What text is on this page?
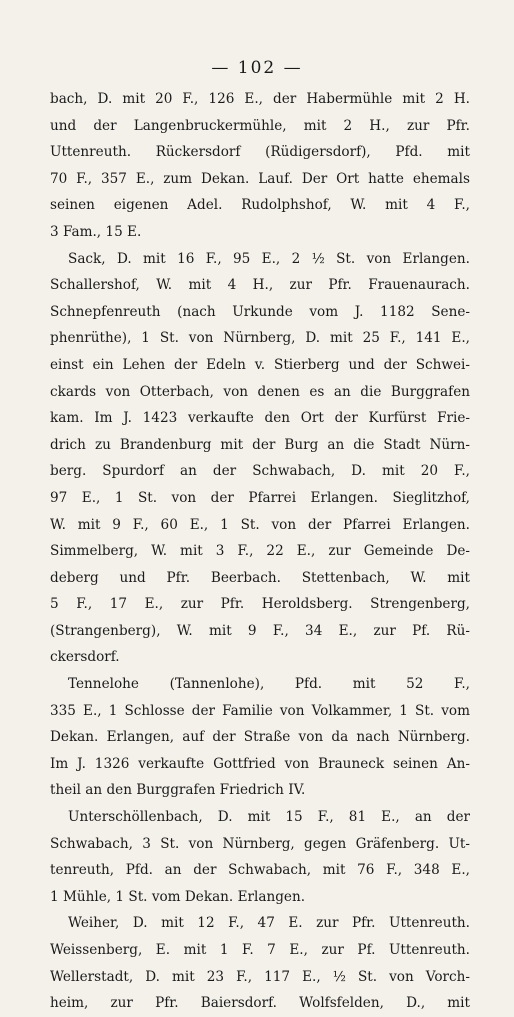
— 102 —
bach, D. mit 20 F., 126 E., der Habermühle mit 2 H.
und der Langenbruckermühle, mit 2 H., zur Pfr.
Uttenreuth. Rückersdorf (Rüdigersdorf), Pfd. mit
70 F., 357 E., zum Dekan. Lauf. Der Ort hatte ehemals
seinen eigenen Adel. Rudolphshof, W. mit 4 F.,
3 Fam., 15 E.
Sack, D. mit 16 F., 95 E., 2 ½ St. von Erlangen.
Schallershof, W. mit 4 H., zur Pfr. Frauenaurach.
Schnepfenreuth (nach Urkunde vom J. 1182 Sene-
phenrüthe), 1 St. von Nürnberg, D. mit 25 F., 141 E.,
einst ein Lehen der Edeln v. Stierberg und der Schwei-
ckards von Otterbach, von denen es an die Burggrafen
kam. Im J. 1423 verkaufte den Ort der Kurfürst Frie-
drich zu Brandenburg mit der Burg an die Stadt Nürn-
berg. Spurdorf an der Schwabach, D. mit 20 F.,
97 E., 1 St. von der Pfarrei Erlangen. Sieglitzhof,
W. mit 9 F., 60 E., 1 St. von der Pfarrei Erlangen.
Simmelberg, W. mit 3 F., 22 E., zur Gemeinde De-
deberg und Pfr. Beerbach. Stettenbach, W. mit
5 F., 17 E., zur Pfr. Heroldsberg. Strengenberg,
(Strangenberg), W. mit 9 F., 34 E., zur Pf. Rü-
ckersdorf.
Tennelohe (Tannenlohe), Pfd. mit 52 F.,
335 E., 1 Schlosse der Familie von Volkammer, 1 St. vom
Dekan. Erlangen, auf der Straße von da nach Nürnberg.
Im J. 1326 verkaufte Gottfried von Brauneck seinen An-
theil an den Burggrafen Friedrich IV.
Unterschöllenbach, D. mit 15 F., 81 E., an der
Schwabach, 3 St. von Nürnberg, gegen Gräfenberg. Ut-
tenreuth, Pfd. an der Schwabach, mit 76 F., 348 E.,
1 Mühle, 1 St. vom Dekan. Erlangen.
Weiher, D. mit 12 F., 47 E. zur Pfr. Uttenreuth.
Weissenberg, E. mit 1 F. 7 E., zur Pf. Uttenreuth.
Wellerstadt, D. mit 23 F., 117 E., ½ St. von Vorch-
heim, zur Pfr. Baiersdorf. Wolfsfelden, D., mit
